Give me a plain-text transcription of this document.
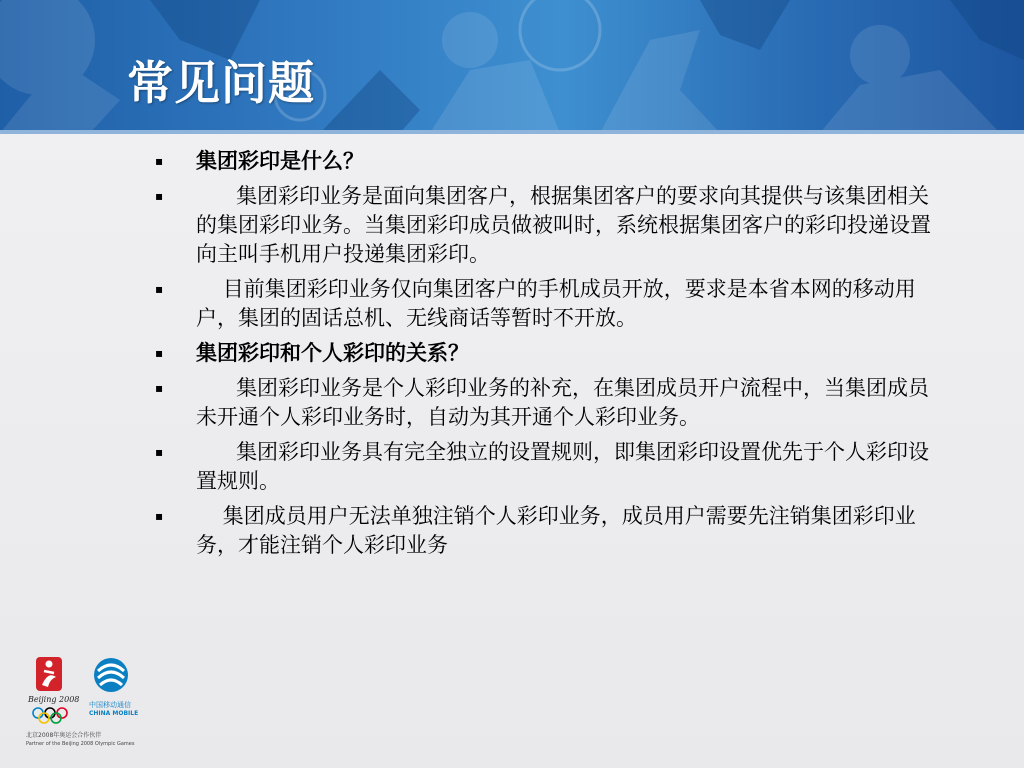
常见问题
▪ 集团彩印是什么？
▪ 集团彩印业务是面向集团客户，根据集团客户的要求向其提供与该集团相关的集团彩印业务。当集团彩印成员做被叫时，系统根据集团客户的彩印投递设置向主叫手机用户投递集团彩印。
▪ 目前集团彩印业务仅向集团客户的手机成员开放，要求是本省本网的移动用户，集团的固话总机、无线商话等暂时不开放。
▪ 集团彩印和个人彩印的关系？
▪ 集团彩印业务是个人彩印业务的补充，在集团成员开户流程中，当集团成员未开通个人彩印业务时，自动为其开通个人彩印业务。
▪ 集团彩印业务具有完全独立的设置规则，即集团彩印设置优先于个人彩印设置规则。
▪ 集团成员用户无法单独注销个人彩印业务，成员用户需要先注销集团彩印业务，才能注销个人彩印业务
Beijing 2008
中国移动通信
CHINA MOBILE
北京2008年奥运会合作伙伴
Partner of the Beijing 2008 Olympic Games
